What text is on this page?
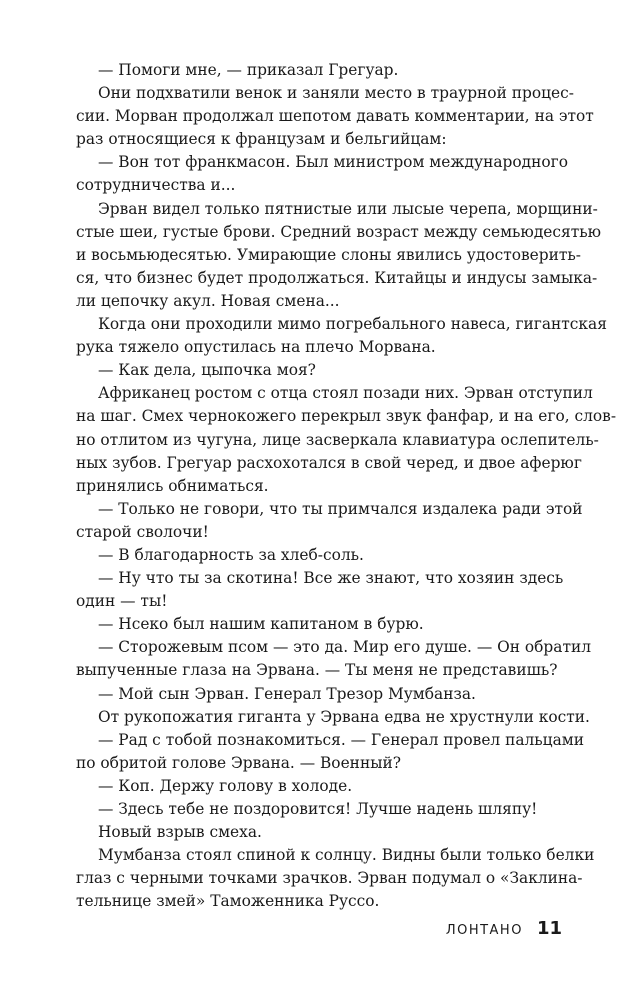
— Помоги мне, — приказал Грегуар.
Они подхватили венок и заняли место в траурной процес-
сии. Морван продолжал шепотом давать комментарии, на этот
раз относящиеся к французам и бельгийцам:
— Вон тот франкмасон. Был министром международного
сотрудничества и...
Эрван видел только пятнистые или лысые черепа, морщини-
стые шеи, густые брови. Средний возраст между семьюдесятью
и восьмьюдесятью. Умирающие слоны явились удостоверить-
ся, что бизнес будет продолжаться. Китайцы и индусы замыка-
ли цепочку акул. Новая смена...
Когда они проходили мимо погребального навеса, гигантская
рука тяжело опустилась на плечо Морвана.
— Как дела, цыпочка моя?
Африканец ростом с отца стоял позади них. Эрван отступил
на шаг. Смех чернокожего перекрыл звук фанфар, и на его, слов-
но отлитом из чугуна, лице засверкала клавиатура ослепитель-
ных зубов. Грегуар расхохотался в свой черед, и двое аферюг
принялись обниматься.
— Только не говори, что ты примчался издалека ради этой
старой сволочи!
— В благодарность за хлеб-соль.
— Ну что ты за скотина! Все же знают, что хозяин здесь
один — ты!
— Нсеко был нашим капитаном в бурю.
— Сторожевым псом — это да. Мир его душе. — Он обратил
выпученные глаза на Эрвана. — Ты меня не представишь?
— Мой сын Эрван. Генерал Трезор Мумбанза.
От рукопожатия гиганта у Эрвана едва не хрустнули кости.
— Рад с тобой познакомиться. — Генерал провел пальцами
по обритой голове Эрвана. — Военный?
— Коп. Держу голову в холоде.
— Здесь тебе не поздоровится! Лучше надень шляпу!
Новый взрыв смеха.
Мумбанза стоял спиной к солнцу. Видны были только белки
глаз с черными точками зрачков. Эрван подумал о «Заклина-
тельнице змей» Таможенника Руссо.
ЛОНТАНО 11
